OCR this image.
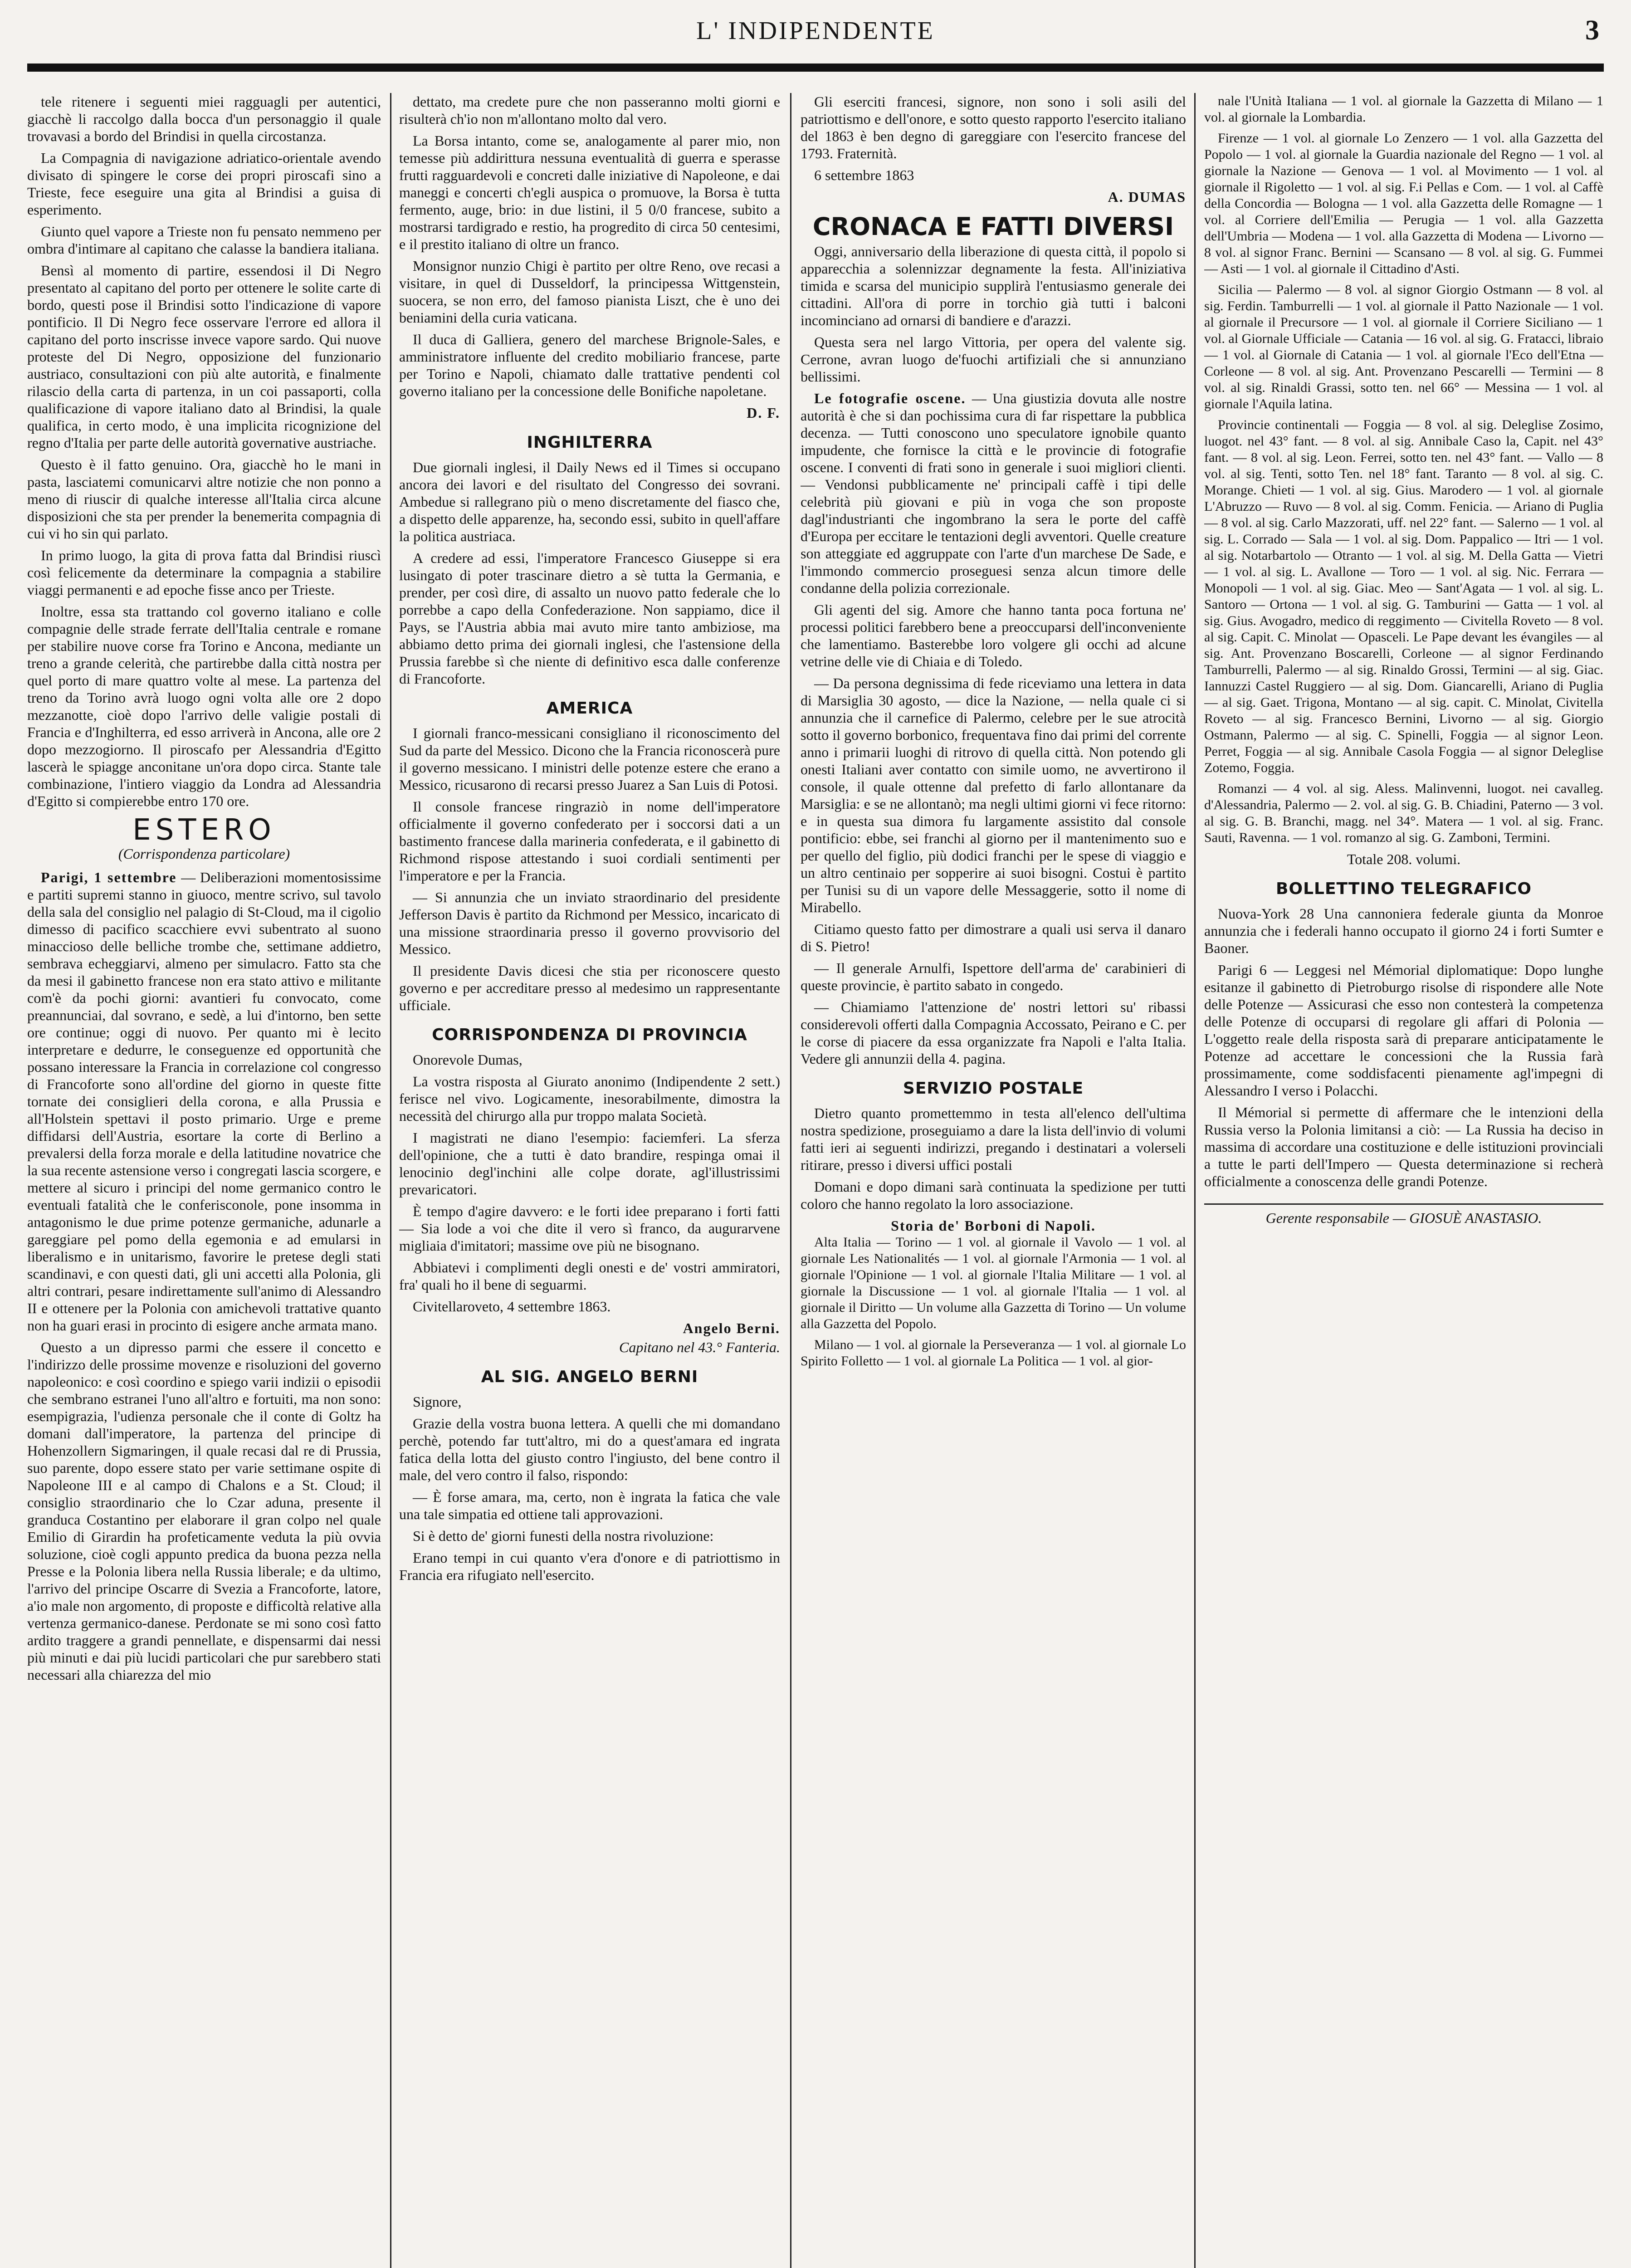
L' INDIPENDENTE	3

tele ritenere i seguenti miei ragguagli per autentici, giacchè li raccolgo dalla bocca d'un personaggio il quale trovavasi a bordo del Brindisi in quella circostanza.

La Compagnia di navigazione adriatico-orientale avendo divisato di spingere le corse dei propri piroscafi sino a Trieste, fece eseguire una gita al Brindisi a guisa di esperimento.

Giunto quel vapore a Trieste non fu pensato nemmeno per ombra d'intimare al capitano che calasse la bandiera italiana.

Bensì al momento di partire, essendosi il Di Negro presentato al capitano del porto per ottenere le solite carte di bordo, questi pose il Brindisi sotto l'indicazione di vapore pontificio. Il Di Negro fece osservare l'errore ed allora il capitano del porto inscrisse invece vapore sardo. Qui nuove proteste del Di Negro, opposizione del funzionario austriaco, consultazioni con più alte autorità, e finalmente rilascio della carta di partenza, in un coi passaporti, colla qualificazione di vapore italiano dato al Brindisi, la quale qualifica, in certo modo, è una implicita ricognizione del regno d'Italia per parte delle autorità governative austriache.

Questo è il fatto genuino. Ora, giacchè ho le mani in pasta, lasciatemi comunicarvi altre notizie che non ponno a meno di riuscir di qualche interesse all'Italia circa alcune disposizioni che sta per prender la benemerita compagnia di cui vi ho sin qui parlato.

In primo luogo, la gita di prova fatta dal Brindisi riuscì così felicemente da determinare la compagnia a stabilire viaggi permanenti e ad epoche fisse anco per Trieste.

Inoltre, essa sta trattando col governo italiano e colle compagnie delle strade ferrate dell'Italia centrale e romane per stabilire nuove corse fra Torino e Ancona, mediante un treno a grande celerità, che partirebbe dalla città nostra per quel porto di mare quattro volte al mese. La partenza del treno da Torino avrà luogo ogni volta alle ore 2 dopo mezzanotte, cioè dopo l'arrivo delle valigie postali di Francia e d'Inghilterra, ed esso arriverà in Ancona, alle ore 2 dopo mezzogiorno. Il piroscafo per Alessandria d'Egitto lascerà le spiagge anconitane un'ora dopo circa. Stante tale combinazione, l'intiero viaggio da Londra ad Alessandria d'Egitto si compierebbe entro 170 ore.

ESTERO
(Corrispondenza particolare)

Parigi, 1 settembre — Deliberazioni momentosissime e partiti supremi stanno in giuoco, mentre scrivo, sul tavolo della sala del consiglio nel palagio di St-Cloud, ma il cigolio dimesso di pacifico scacchiere evvi subentrato al suono minaccioso delle belliche trombe che, settimane addietro, sembrava echeggiarvi, almeno per simulacro. Fatto sta che da mesi il gabinetto francese non era stato attivo e militante com'è da pochi giorni: avantieri fu convocato, come preannunciai, dal sovrano, e sedè, a lui d'intorno, ben sette ore continue; oggi di nuovo. Per quanto mi è lecito interpretare e dedurre, le conseguenze ed opportunità che possano interessare la Francia in correlazione col congresso di Francoforte sono all'ordine del giorno in queste fitte tornate dei consiglieri della corona, e alla Prussia e all'Holstein spettavi il posto primario. Urge e preme diffidarsi dell'Austria, esortare la corte di Berlino a prevalersi della forza morale e della latitudine novatrice che la sua recente astensione verso i congregati lascia scorgere, e mettere al sicuro i principi del nome germanico contro le eventuali fatalità che le conferisconole, pone insomma in antagonismo le due prime potenze germaniche, adunarle a gareggiare pel pomo della egemonia e ad emularsi in liberalismo e in unitarismo, favorire le pretese degli stati scandinavi, e con questi dati, gli uni accetti alla Polonia, gli altri contrari, pesare indirettamente sull'animo di Alessandro II e ottenere per la Polonia con amichevoli trattative quanto non ha guari erasi in procinto di esigere anche armata mano.

Questo a un dipresso parmi che essere il concetto e l'indirizzo delle prossime movenze e risoluzioni del governo napoleonico: e così coordino e spiego varii indizii o episodii che sembrano estranei l'uno all'altro e fortuiti, ma non sono: esempigrazia, l'udienza personale che il conte di Goltz ha domani dall'imperatore, la partenza del principe di Hohenzollern Sigmaringen, il quale recasi dal re di Prussia, suo parente, dopo essere stato per varie settimane ospite di Napoleone III e al campo di Chalons e a St. Cloud; il consiglio straordinario che lo Czar aduna, presente il granduca Costantino per elaborare il gran colpo nel quale Emilio di Girardin ha profeticamente veduta la più ovvia soluzione, cioè cogli appunto predica da buona pezza nella Presse e la Polonia libera nella Russia liberale; e da ultimo, l'arrivo del principe Oscarre di Svezia a Francoforte, latore, a'io male non argomento, di proposte e difficoltà relative alla vertenza germanico-danese. Perdonate se mi sono così fatto ardito traggere a grandi pennellate, e dispensarmi dai nessi più minuti e dai più lucidi particolari che pur sarebbero stati necessari alla chiarezza del mio

dettato, ma credete pure che non passeranno molti giorni e risulterà ch'io non m'allontano molto dal vero.

La Borsa intanto, come se, analogamente al parer mio, non temesse più addirittura nessuna eventualità di guerra e sperasse frutti ragguardevoli e concreti dalle iniziative di Napoleone, e dai maneggi e concerti ch'egli auspica o promuove, la Borsa è tutta fermento, auge, brio: in due listini, il 5 0/0 francese, subito a mostrarsi tardigrado e restio, ha progredito di circa 50 centesimi, e il prestito italiano di oltre un franco.

Monsignor nunzio Chigi è partito per oltre Reno, ove recasi a visitare, in quel di Dusseldorf, la principessa Wittgenstein, suocera, se non erro, del famoso pianista Liszt, che è uno dei beniamini della curia vaticana.

Il duca di Galliera, genero del marchese Brignole-Sales, e amministratore influente del credito mobiliario francese, parte per Torino e Napoli, chiamato dalle trattative pendenti col governo italiano per la concessione delle Bonifiche napoletane.

D. F.
INGHILTERRA

Due giornali inglesi, il Daily News ed il Times si occupano ancora dei lavori e del risultato del Congresso dei sovrani. Ambedue si rallegrano più o meno discretamente del fiasco che, a dispetto delle apparenze, ha, secondo essi, subito in quell'affare la politica austriaca.

A credere ad essi, l'imperatore Francesco Giuseppe si era lusingato di poter trascinare dietro a sè tutta la Germania, e prender, per così dire, di assalto un nuovo patto federale che lo porrebbe a capo della Confederazione. Non sappiamo, dice il Pays, se l'Austria abbia mai avuto mire tanto ambiziose, ma abbiamo detto prima dei giornali inglesi, che l'astensione della Prussia farebbe sì che niente di definitivo esca dalle conferenze di Francoforte.

AMERICA

I giornali franco-messicani consigliano il riconoscimento del Sud da parte del Messico. Dicono che la Francia riconoscerà pure il governo messicano. I ministri delle potenze estere che erano a Messico, ricusarono di recarsi presso Juarez a San Luis di Potosi.

Il console francese ringraziò in nome dell'imperatore officialmente il governo confederato per i soccorsi dati a un bastimento francese dalla marineria confederata, e il gabinetto di Richmond rispose attestando i suoi cordiali sentimenti per l'imperatore e per la Francia.

— Si annunzia che un inviato straordinario del presidente Jefferson Davis è partito da Richmond per Messico, incaricato di una missione straordinaria presso il governo provvisorio del Messico.

Il presidente Davis dicesi che stia per riconoscere questo governo e per accreditare presso al medesimo un rappresentante ufficiale.

CORRISPONDENZA DI PROVINCIA

Onorevole Dumas,

La vostra risposta al Giurato anonimo (Indipendente 2 sett.) ferisce nel vivo. Logicamente, inesorabilmente, dimostra la necessità del chirurgo alla pur troppo malata Società.

I magistrati ne diano l'esempio: faciemferi. La sferza dell'opinione, che a tutti è dato brandire, respinga omai il lenocinio degl'inchini alle colpe dorate, agl'illustrissimi prevaricatori.

È tempo d'agire davvero: e le forti idee preparano i forti fatti — Sia lode a voi che dite il vero sì franco, da augurarvene migliaia d'imitatori; massime ove più ne bisognano.

Abbiatevi i complimenti degli onesti e de' vostri ammiratori, fra' quali ho il bene di seguarmi.

Civitellaroveto, 4 settembre 1863.

Angelo Berni.
Capitano nel 43.° Fanteria.
AL SIG. ANGELO BERNI

Signore,

Grazie della vostra buona lettera. A quelli che mi domandano perchè, potendo far tutt'altro, mi do a quest'amara ed ingrata fatica della lotta del giusto contro l'ingiusto, del bene contro il male, del vero contro il falso, rispondo:

— È forse amara, ma, certo, non è ingrata la fatica che vale una tale simpatia ed ottiene tali approvazioni.

Si è detto de' giorni funesti della nostra rivoluzione:

Erano tempi in cui quanto v'era d'onore e di patriottismo in Francia era rifugiato nell'esercito.

Gli eserciti francesi, signore, non sono i soli asili del patriottismo e dell'onore, e sotto questo rapporto l'esercito italiano del 1863 è ben degno di gareggiare con l'esercito francese del 1793. Fraternità.

6 settembre 1863

A. DUMAS
CRONACA E FATTI DIVERSI

Oggi, anniversario della liberazione di questa città, il popolo si apparecchia a solennizzar degnamente la festa. All'iniziativa timida e scarsa del municipio supplirà l'entusiasmo generale dei cittadini. All'ora di porre in torchio già tutti i balconi incominciano ad ornarsi di bandiere e d'arazzi.

Questa sera nel largo Vittoria, per opera del valente sig. Cerrone, avran luogo de'fuochi artifiziali che si annunziano bellissimi.

Le fotografie oscene. — Una giustizia dovuta alle nostre autorità è che si dan pochissima cura di far rispettare la pubblica decenza. — Tutti conoscono uno speculatore ignobile quanto impudente, che fornisce la città e le provincie di fotografie oscene. I conventi di frati sono in generale i suoi migliori clienti. — Vendonsi pubblicamente ne' principali caffè i tipi delle celebrità più giovani e più in voga che son proposte dagl'industrianti che ingombrano la sera le porte del caffè d'Europa per eccitare le tentazioni degli avventori. Quelle creature son atteggiate ed aggruppate con l'arte d'un marchese De Sade, e l'immondo commercio proseguesi senza alcun timore delle condanne della polizia correzionale.

Gli agenti del sig. Amore che hanno tanta poca fortuna ne' processi politici farebbero bene a preoccuparsi dell'inconveniente che lamentiamo. Basterebbe loro volgere gli occhi ad alcune vetrine delle vie di Chiaia e di Toledo.

— Da persona degnissima di fede riceviamo una lettera in data di Marsiglia 30 agosto, — dice la Nazione, — nella quale ci si annunzia che il carnefice di Palermo, celebre per le sue atrocità sotto il governo borbonico, frequentava fino dai primi del corrente anno i primarii luoghi di ritrovo di quella città. Non potendo gli onesti Italiani aver contatto con simile uomo, ne avvertirono il console, il quale ottenne dal prefetto di farlo allontanare da Marsiglia: e se ne allontanò; ma negli ultimi giorni vi fece ritorno: e in questa sua dimora fu largamente assistito dal console pontificio: ebbe, sei franchi al giorno per il mantenimento suo e per quello del figlio, più dodici franchi per le spese di viaggio e un altro centinaio per sopperire ai suoi bisogni. Costui è partito per Tunisi su di un vapore delle Messaggerie, sotto il nome di Mirabello.

Citiamo questo fatto per dimostrare a quali usi serva il danaro di S. Pietro!

— Il generale Arnulfi, Ispettore dell'arma de' carabinieri di queste provincie, è partito sabato in congedo.

— Chiamiamo l'attenzione de' nostri lettori su' ribassi considerevoli offerti dalla Compagnia Accossato, Peirano e C. per le corse di piacere da essa organizzate fra Napoli e l'alta Italia. Vedere gli annunzii della 4. pagina.

SERVIZIO POSTALE

Dietro quanto promettemmo in testa all'elenco dell'ultima nostra spedizione, proseguiamo a dare la lista dell'invio di volumi fatti ieri ai seguenti indirizzi, pregando i destinatari a volerseli ritirare, presso i diversi uffici postali

Domani e dopo dimani sarà continuata la spedizione per tutti coloro che hanno regolato la loro associazione.

Storia de' Borboni di Napoli.

Alta Italia — Torino — 1 vol. al giornale il Vavolo — 1 vol. al giornale Les Nationalités — 1 vol. al giornale l'Armonia — 1 vol. al giornale l'Opinione — 1 vol. al giornale l'Italia Militare — 1 vol. al giornale la Discussione — 1 vol. al giornale l'Italia — 1 vol. al giornale il Diritto — Un volume alla Gazzetta di Torino — Un volume alla Gazzetta del Popolo.

Milano — 1 vol. al giornale la Perseveranza — 1 vol. al giornale Lo Spirito Folletto — 1 vol. al giornale La Politica — 1 vol. al gior-

nale l'Unità Italiana — 1 vol. al giornale la Gazzetta di Milano — 1 vol. al giornale la Lombardia.

Firenze — 1 vol. al giornale Lo Zenzero — 1 vol. alla Gazzetta del Popolo — 1 vol. al giornale la Guardia nazionale del Regno — 1 vol. al giornale la Nazione — Genova — 1 vol. al Movimento — 1 vol. al giornale il Rigoletto — 1 vol. al sig. F.i Pellas e Com. — 1 vol. al Caffè della Concordia — Bologna — 1 vol. alla Gazzetta delle Romagne — 1 vol. al Corriere dell'Emilia — Perugia — 1 vol. alla Gazzetta dell'Umbria — Modena — 1 vol. alla Gazzetta di Modena — Livorno — 8 vol. al signor Franc. Bernini — Scansano — 8 vol. al sig. G. Fummei — Asti — 1 vol. al giornale il Cittadino d'Asti.

Sicilia — Palermo — 8 vol. al signor Giorgio Ostmann — 8 vol. al sig. Ferdin. Tamburrelli — 1 vol. al giornale il Patto Nazionale — 1 vol. al giornale il Precursore — 1 vol. al giornale il Corriere Siciliano — 1 vol. al Giornale Ufficiale — Catania — 16 vol. al sig. G. Fratacci, libraio — 1 vol. al Giornale di Catania — 1 vol. al giornale l'Eco dell'Etna — Corleone — 8 vol. al sig. Ant. Provenzano Pescarelli — Termini — 8 vol. al sig. Rinaldi Grassi, sotto ten. nel 66° — Messina — 1 vol. al giornale l'Aquila latina.

Provincie continentali — Foggia — 8 vol. al sig. Deleglise Zosimo, luogot. nel 43° fant. — 8 vol. al sig. Annibale Caso la, Capit. nel 43° fant. — 8 vol. al sig. Leon. Ferrei, sotto ten. nel 43° fant. — Vallo — 8 vol. al sig. Tenti, sotto Ten. nel 18° fant. Taranto — 8 vol. al sig. C. Morange. Chieti — 1 vol. al sig. Gius. Marodero — 1 vol. al giornale L'Abruzzo — Ruvo — 8 vol. al sig. Comm. Fenicia. — Ariano di Puglia — 8 vol. al sig. Carlo Mazzorati, uff. nel 22° fant. — Salerno — 1 vol. al sig. L. Corrado — Sala — 1 vol. al sig. Dom. Pappalico — Itri — 1 vol. al sig. Notarbartolo — Otranto — 1 vol. al sig. M. Della Gatta — Vietri — 1 vol. al sig. L. Avallone — Toro — 1 vol. al sig. Nic. Ferrara — Monopoli — 1 vol. al sig. Giac. Meo — Sant'Agata — 1 vol. al sig. L. Santoro — Ortona — 1 vol. al sig. G. Tamburini — Gatta — 1 vol. al sig. Gius. Avogadro, medico di reggimento — Civitella Roveto — 8 vol. al sig. Capit. C. Minolat — Opasceli. Le Pape devant les évangiles — al sig. Ant. Provenzano Boscarelli, Corleone — al signor Ferdinando Tamburrelli, Palermo — al sig. Rinaldo Grossi, Termini — al sig. Giac. Iannuzzi Castel Ruggiero — al sig. Dom. Giancarelli, Ariano di Puglia — al sig. Gaet. Trigona, Montano — al sig. capit. C. Minolat, Civitella Roveto — al sig. Francesco Bernini, Livorno — al sig. Giorgio Ostmann, Palermo — al sig. C. Spinelli, Foggia — al signor Leon. Perret, Foggia — al sig. Annibale Casola Foggia — al signor Deleglise Zotemo, Foggia.

Romanzi — 4 vol. al sig. Aless. Malinvenni, luogot. nei cavalleg. d'Alessandria, Palermo — 2. vol. al sig. G. B. Chiadini, Paterno — 3 vol. al sig. G. B. Branchi, magg. nel 34°. Matera — 1 vol. al sig. Franc. Sauti, Ravenna. — 1 vol. romanzo al sig. G. Zamboni, Termini.

Totale 208. volumi.
BOLLETTINO TELEGRAFICO

Nuova-York 28 Una cannoniera federale giunta da Monroe annunzia che i federali hanno occupato il giorno 24 i forti Sumter e Baoner.

Parigi 6 — Leggesi nel Mémorial diplomatique: Dopo lunghe esitanze il gabinetto di Pietroburgo risolse di rispondere alle Note delle Potenze — Assicurasi che esso non contesterà la competenza delle Potenze di occuparsi di regolare gli affari di Polonia — L'oggetto reale della risposta sarà di preparare anticipatamente le Potenze ad accettare le concessioni che la Russia farà prossimamente, come soddisfacenti pienamente agl'impegni di Alessandro I verso i Polacchi.

Il Mémorial si permette di affermare che le intenzioni della Russia verso la Polonia limitansi a ciò: — La Russia ha deciso in massima di accordare una costituzione e delle istituzioni provinciali a tutte le parti dell'Impero — Questa determinazione si recherà officialmente a conoscenza delle grandi Potenze.

Gerente responsabile — GIOSUÈ ANASTASIO.
